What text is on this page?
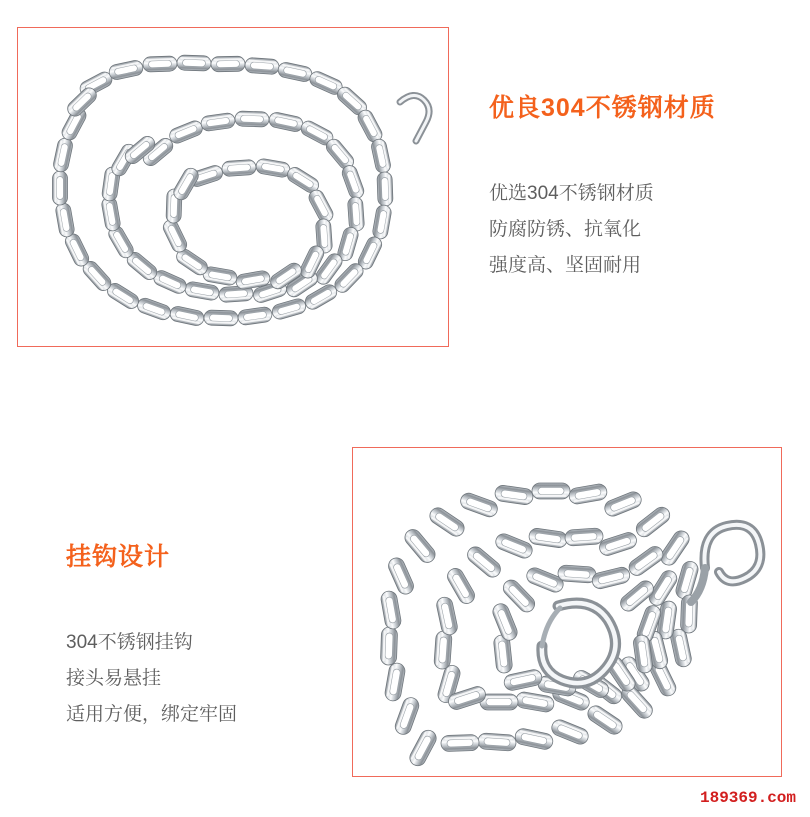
优良304不锈钢材质
优选304不锈钢材质
防腐防锈、抗氧化
强度高、坚固耐用
挂钩设计
304不锈钢挂钩
接头易悬挂
适用方便，绑定牢固
189369.com
